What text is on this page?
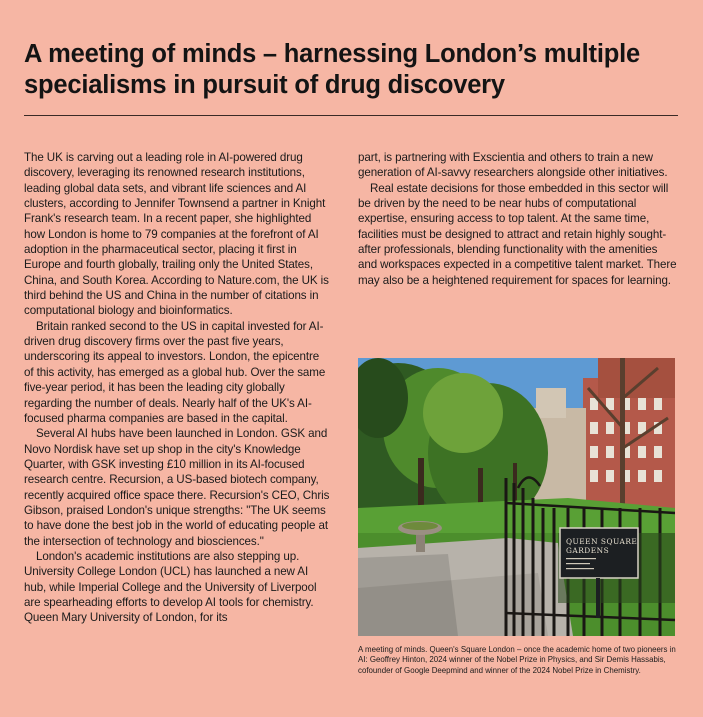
A meeting of minds – harnessing London’s multiple specialisms in pursuit of drug discovery

The UK is carving out a leading role in AI-powered drug discovery, leveraging its renowned research institutions, leading global data sets, and vibrant life sciences and AI clusters, according to Jennifer Townsend a partner in Knight Frank's research team. In a recent paper, she highlighted how London is home to 79 companies at the forefront of AI adoption in the pharmaceutical sector, placing it first in Europe and fourth globally, trailing only the United States, China, and South Korea. According to Nature.com, the UK is third behind the US and China in the number of citations in computational biology and bioinformatics.

Britain ranked second to the US in capital invested for AI-driven drug discovery firms over the past five years, underscoring its appeal to investors. London, the epicentre of this activity, has emerged as a global hub. Over the same five-year period, it has been the leading city globally regarding the number of deals. Nearly half of the UK's AI-focused pharma companies are based in the capital.

Several AI hubs have been launched in London. GSK and Novo Nordisk have set up shop in the city's Knowledge Quarter, with GSK investing £10 million in its AI-focused research centre. Recursion, a US-based biotech company, recently acquired office space there. Recursion's CEO, Chris Gibson, praised London's unique strengths: "The UK seems to have done the best job in the world of educating people at the intersection of technology and biosciences."

London's academic institutions are also stepping up. University College London (UCL) has launched a new AI hub, while Imperial College and the University of Liverpool are spearheading efforts to develop AI tools for chemistry. Queen Mary University of London, for its

part, is partnering with Exscientia and others to train a new generation of AI-savvy researchers alongside other initiatives.

Real estate decisions for those embedded in this sector will be driven by the need to be near hubs of computational expertise, ensuring access to top talent. At the same time, facilities must be designed to attract and retain highly sought-after professionals, blending functionality with the amenities and workspaces expected in a competitive talent market. There may also be a heightened requirement for spaces for learning.

QUEEN SQUARE GARDENS
A meeting of minds. Queen's Square London – once the academic home of two pioneers in AI: Geoffrey Hinton, 2024 winner of the Nobel Prize in Physics, and Sir Demis Hassabis, cofounder of Google Deepmind and winner of the 2024 Nobel Prize in Chemistry.
